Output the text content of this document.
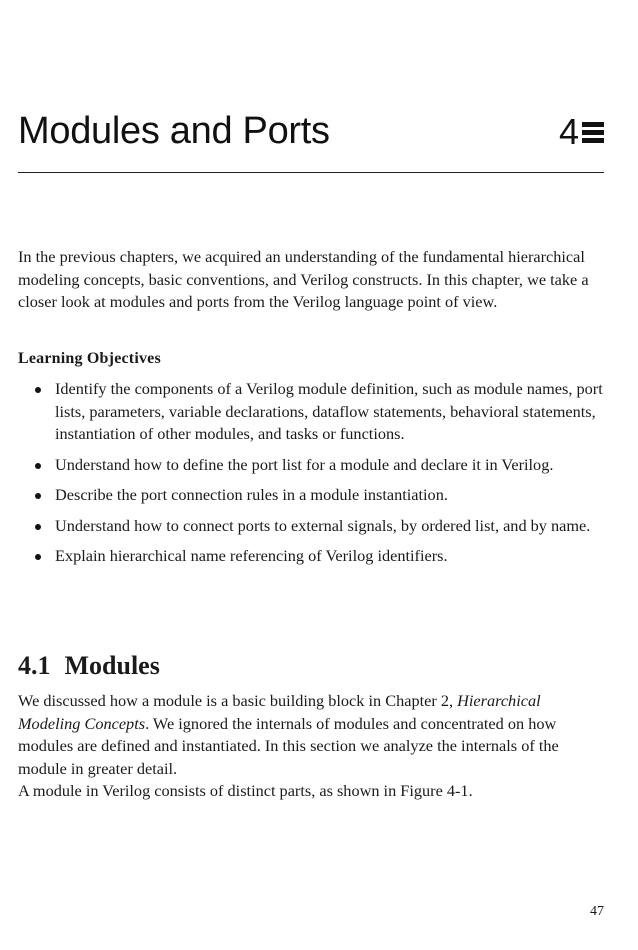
Modules and Ports	4

In the previous chapters, we acquired an understanding of the fundamental hierarchical modeling concepts, basic conventions, and Verilog constructs. In this chapter, we take a closer look at modules and ports from the Verilog language point of view.

Learning Objectives
Identify the components of a Verilog module definition, such as module names, port lists, parameters, variable declarations, dataflow statements, behavioral statements, instantiation of other modules, and tasks or functions.
Understand how to define the port list for a module and declare it in Verilog.
Describe the port connection rules in a module instantiation.
Understand how to connect ports to external signals, by ordered list, and by name.
Explain hierarchical name referencing of Verilog identifiers.
4.1 Modules

We discussed how a module is a basic building block in Chapter 2, Hierarchical Modeling Concepts. We ignored the internals of modules and concentrated on how modules are defined and instantiated. In this section we analyze the internals of the module in greater detail.

A module in Verilog consists of distinct parts, as shown in Figure 4-1.

47
